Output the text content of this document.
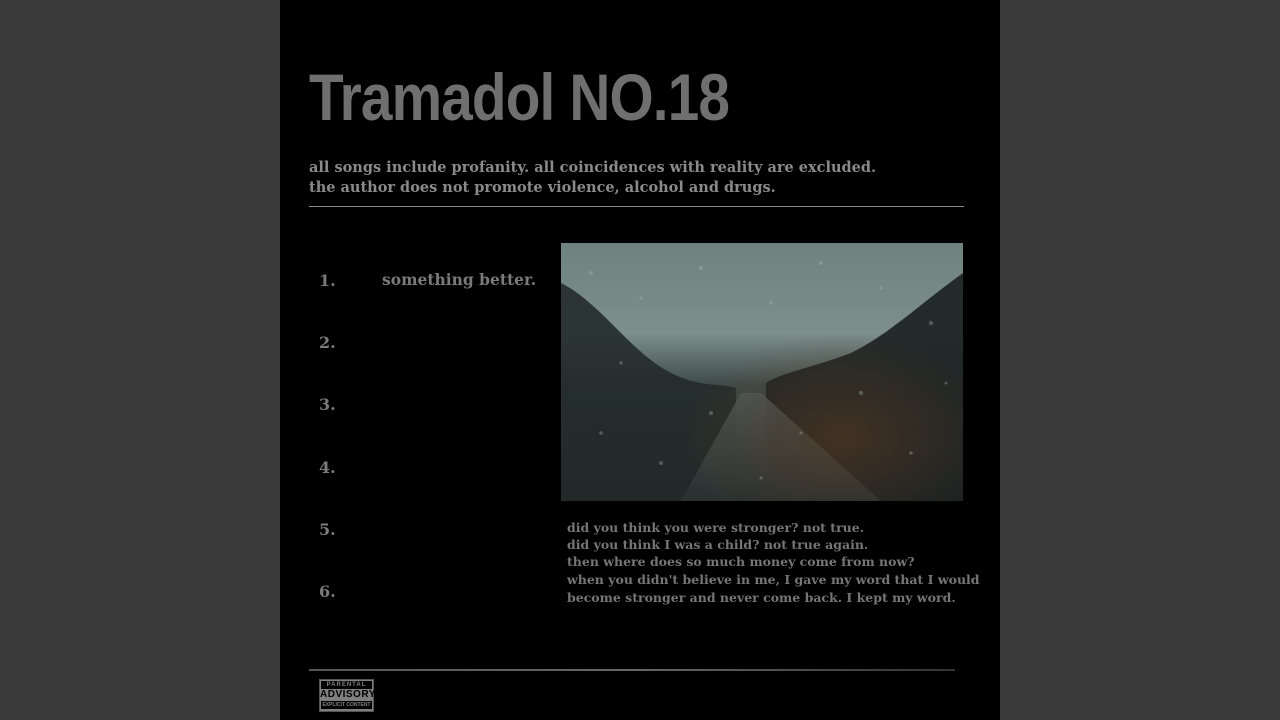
Tramadol NO.18
all songs include profanity. all coincidences with reality are excluded.
the author does not promote violence, alcohol and drugs.
1.	something better.
2.
3.
4.
5.
6.
did you think you were stronger? not true.
did you think I was a child? not true again.
then where does so much money come from now?
when you didn't believe in me, I gave my word that I would
become stronger and never come back. I kept my word.
PARENTAL
ADVISORY
EXPLICIT CONTENT
